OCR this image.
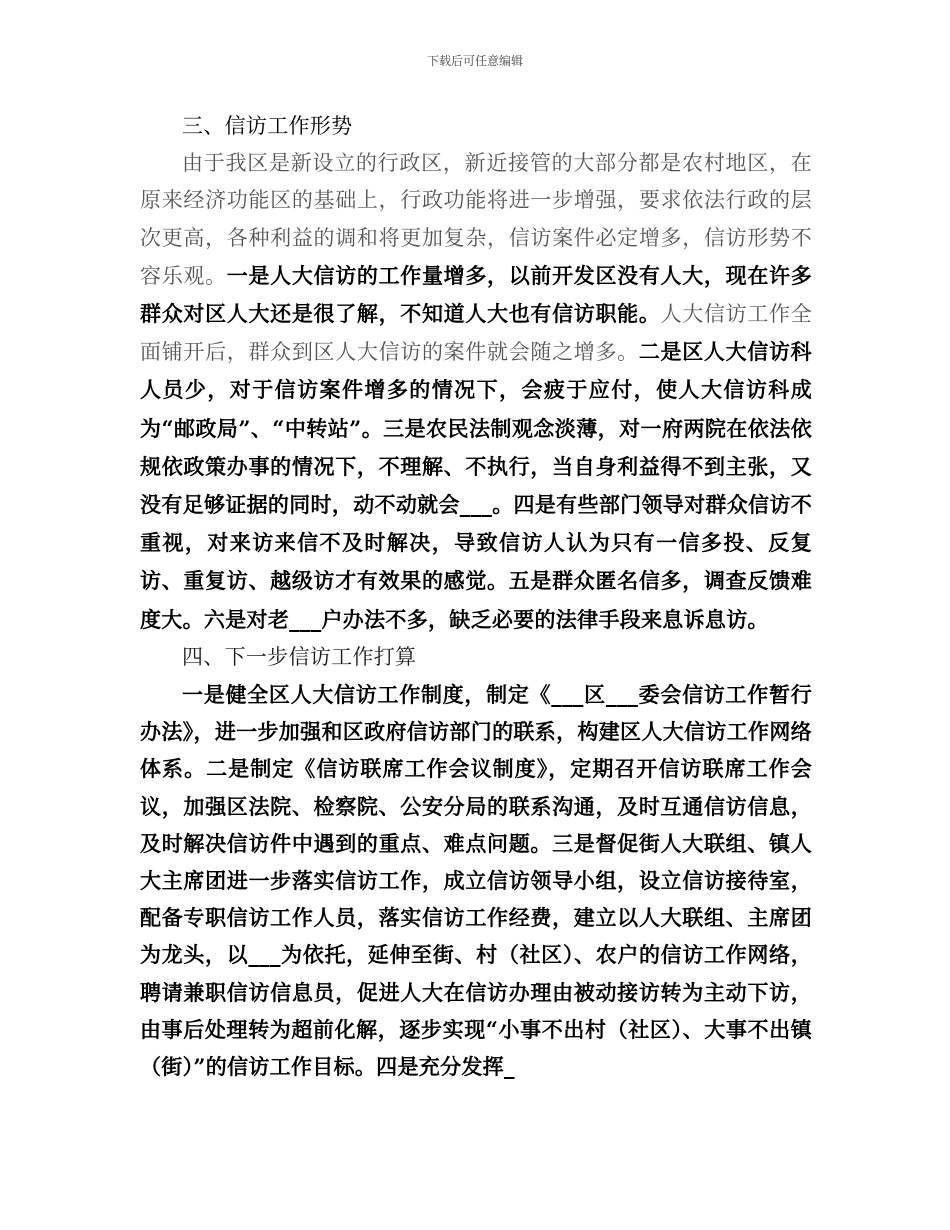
下载后可任意编辑

三、信访工作形势

由于我区是新设立的行政区，新近接管的大部分都是农村地区，在原来经济功能区的基础上，行政功能将进一步增强，要求依法行政的层次更高，各种利益的调和将更加复杂，信访案件必定增多，信访形势不容乐观。一是人大信访的工作量增多，以前开发区没有人大，现在许多群众对区人大还是很了解，不知道人大也有信访职能。人大信访工作全面铺开后，群众到区人大信访的案件就会随之增多。二是区人大信访科人员少，对于信访案件增多的情况下，会疲于应付，使人大信访科成为“邮政局”、“中转站”。三是农民法制观念淡薄，对一府两院在依法依规依政策办事的情况下，不理解、不执行，当自身利益得不到主张，又没有足够证据的同时，动不动就会___。四是有些部门领导对群众信访不重视，对来访来信不及时解决，导致信访人认为只有一信多投、反复访、重复访、越级访才有效果的感觉。五是群众匿名信多，调查反馈难度大。六是对老___户办法不多，缺乏必要的法律手段来息诉息访。

四、下一步信访工作打算

一是健全区人大信访工作制度，制定《___区___委会信访工作暂行办法》，进一步加强和区政府信访部门的联系，构建区人大信访工作网络体系。二是制定《信访联席工作会议制度》，定期召开信访联席工作会议，加强区法院、检察院、公安分局的联系沟通，及时互通信访信息，及时解决信访件中遇到的重点、难点问题。三是督促街人大联组、镇人大主席团进一步落实信访工作，成立信访领导小组，设立信访接待室，配备专职信访工作人员，落实信访工作经费，建立以人大联组、主席团为龙头，以___为依托，延伸至街、村（社区）、农户的信访工作网络，聘请兼职信访信息员，促进人大在信访办理由被动接访转为主动下访，由事后处理转为超前化解，逐步实现“小事不出村（社区）、大事不出镇（街）”的信访工作目标。四是充分发挥_
